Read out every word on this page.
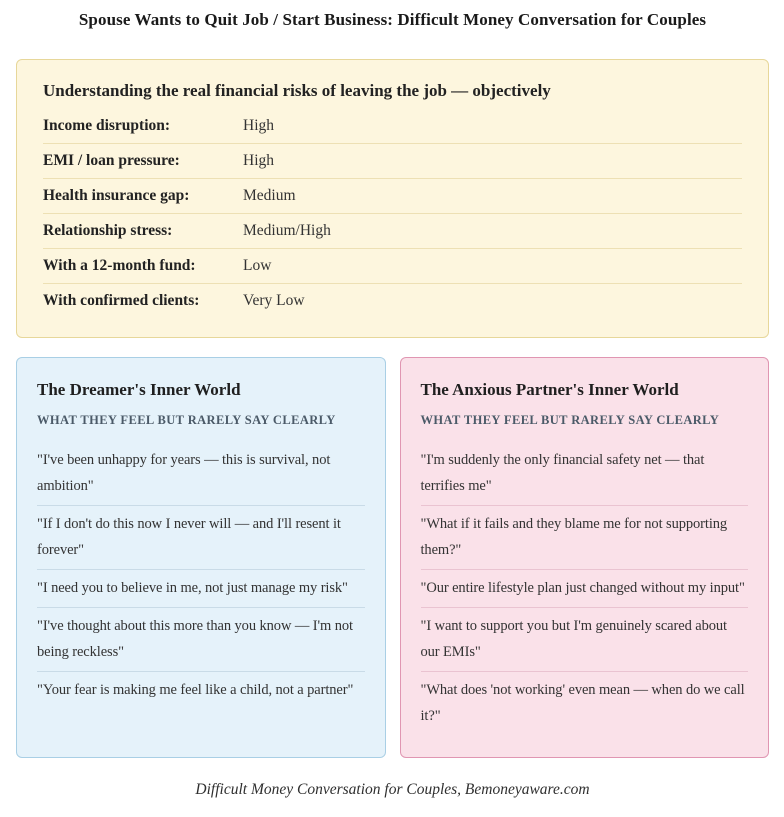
Spouse Wants to Quit Job / Start Business: Difficult Money Conversation for Couples
Understanding the real financial risks of leaving the job — objectively
Income disruption:	High
EMI / loan pressure:	High
Health insurance gap:	Medium
Relationship stress:	Medium/High
With a 12-month fund:	Low
With confirmed clients:	Very Low
The Dreamer's Inner World
WHAT THEY FEEL BUT RARELY SAY CLEARLY
"I've been unhappy for years — this is survival, not ambition"
"If I don't do this now I never will — and I'll resent it forever"
"I need you to believe in me, not just manage my risk"
"I've thought about this more than you know — I'm not being reckless"
"Your fear is making me feel like a child, not a partner"
The Anxious Partner's Inner World
WHAT THEY FEEL BUT RARELY SAY CLEARLY
"I'm suddenly the only financial safety net — that terrifies me"
"What if it fails and they blame me for not supporting them?"
"Our entire lifestyle plan just changed without my input"
"I want to support you but I'm genuinely scared about our EMIs"
"What does 'not working' even mean — when do we call it?"

Difficult Money Conversation for Couples, Bemoneyaware.com
